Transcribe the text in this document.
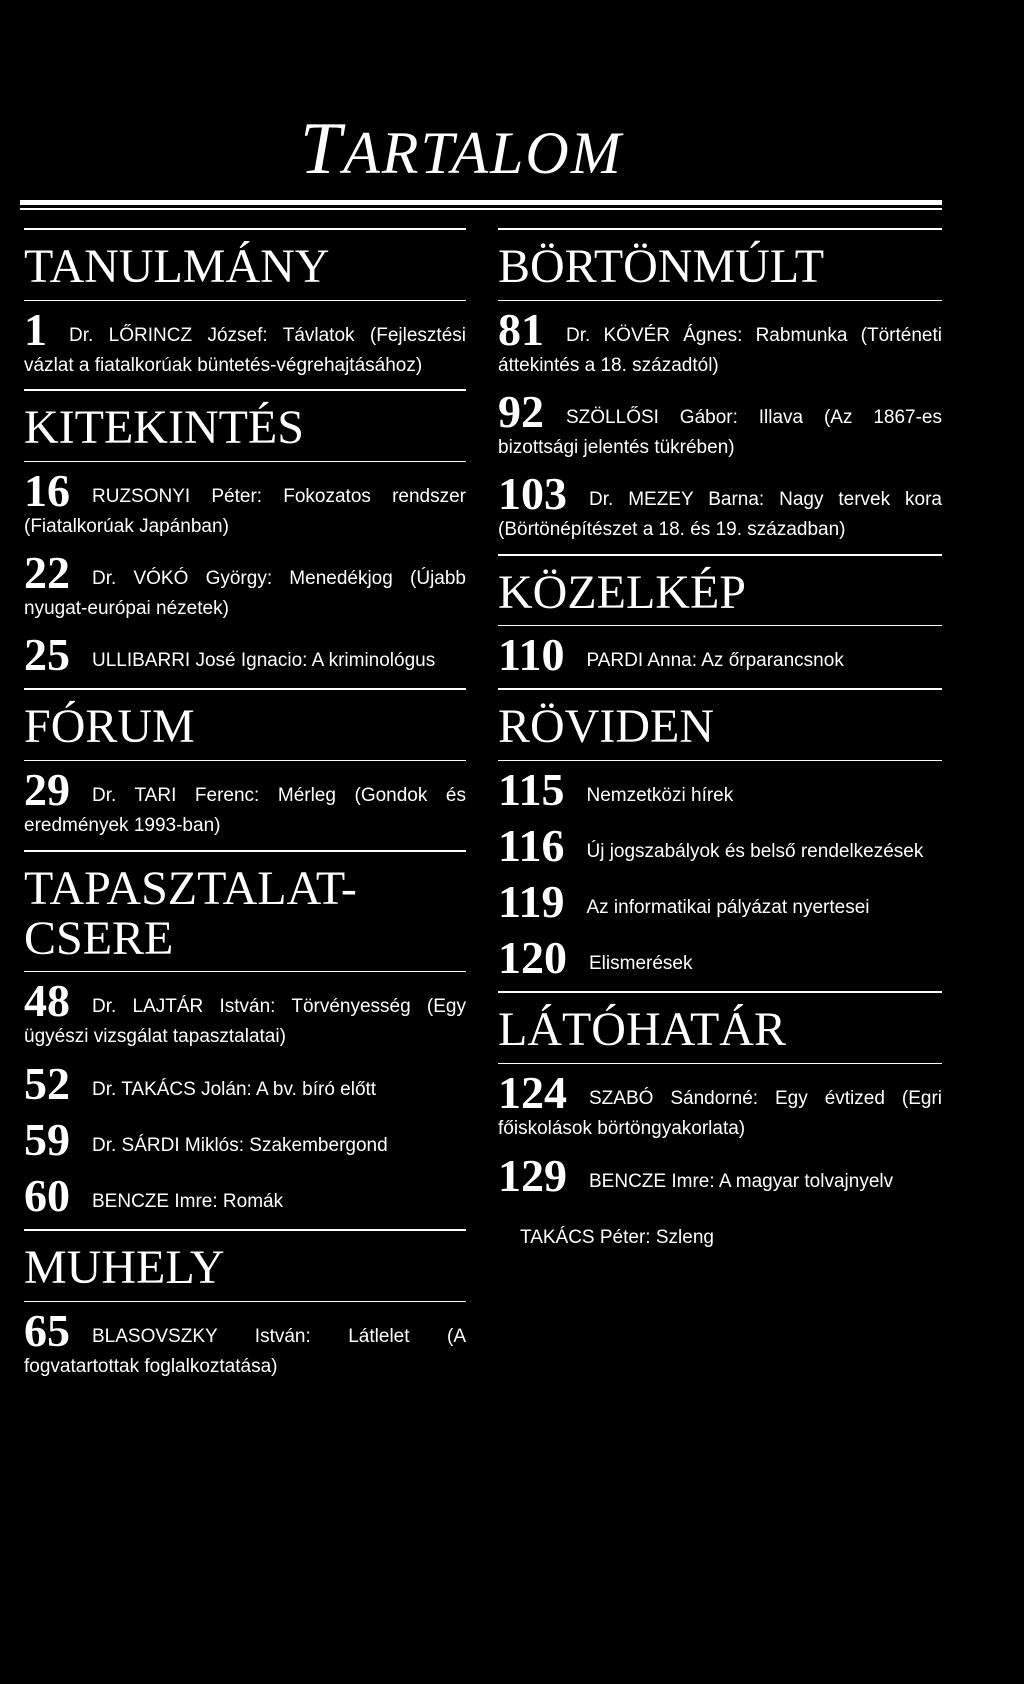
TARTALOM
TANULMÁNY
1 Dr. LŐRINCZ József: Távlatok (Fejlesztési vázlat a fiatalkorúak büntetés-végrehajtásához)
KITEKINTÉS
16 RUZSONYI Péter: Fokozatos rendszer (Fiatalkorúak Japánban)
22 Dr. VÓKÓ György: Menedékjog (Újabb nyugat-európai nézetek)
25 ULLIBARRI José Ignacio: A kriminológus
FÓRUM
29 Dr. TARI Ferenc: Mérleg (Gondok és eredmények 1993-ban)
TAPASZTALAT-CSERE
48 Dr. LAJTÁR István: Törvényesség (Egy ügyészi vizsgálat tapasztalatai)
52 Dr. TAKÁCS Jolán: A bv. bíró előtt
59 Dr. SÁRDI Miklós: Szakembergond
60 BENCZE Imre: Romák
MUHELY
65 BLASOVSZKY István: Látlelet (A fogvatartottak foglalkoztatása)
BÖRTÖNMÚLT
81 Dr. KÖVÉR Ágnes: Rabmunka (Történeti áttekintés a 18. századtól)
92 SZÖLLŐSI Gábor: Illava (Az 1867-es bizottsági jelentés tükrében)
103 Dr. MEZEY Barna: Nagy tervek kora (Börtönépítészet a 18. és 19. században)
KÖZELKÉP
110 PARDI Anna: Az őrparancsnok
RÖVIDEN
115 Nemzetközi hírek
116 Új jogszabályok és belső rendelkezések
119 Az informatikai pályázat nyertesei
120 Elismerések
LÁTÓHATÁR
124 SZABÓ Sándorné: Egy évtized (Egri főiskolások börtöngyakorlata)
129 BENCZE Imre: A magyar tolvajnyelv
TAKÁCS Péter: Szleng
